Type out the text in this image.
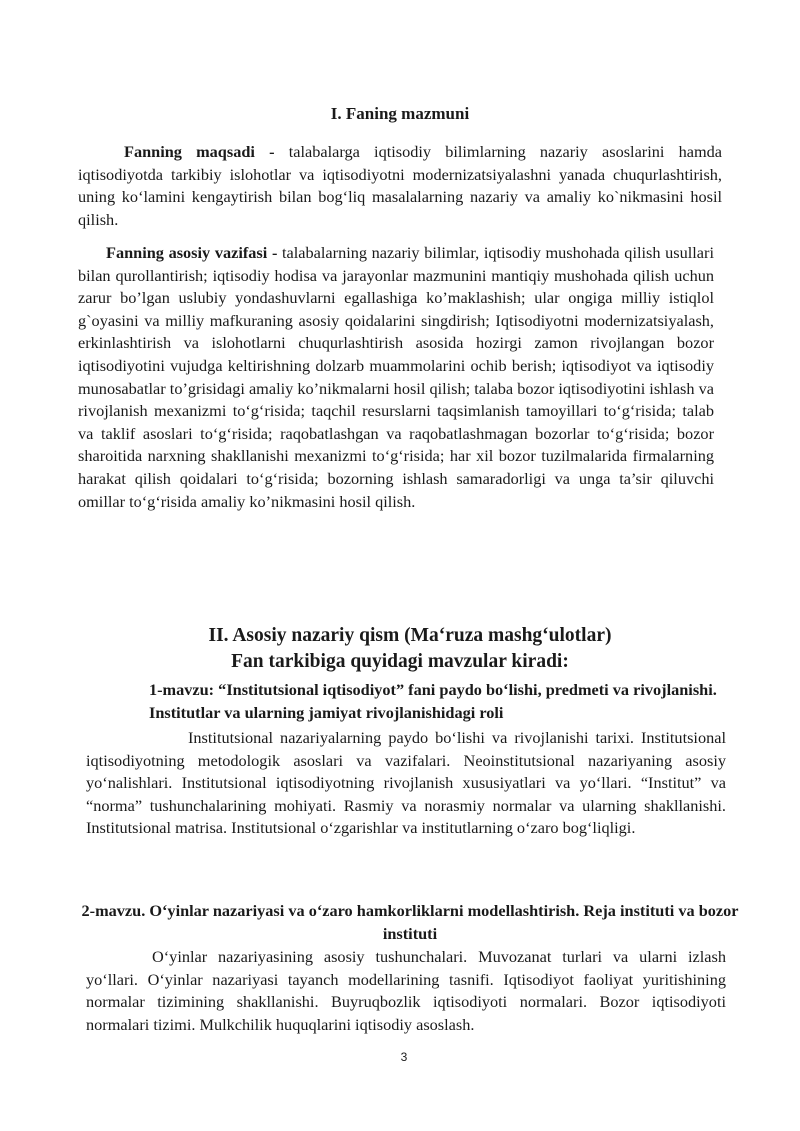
I. Faning mazmuni

Fanning maqsadi - talabalarga iqtisodiy bilimlarning nazariy asoslarini hamda iqtisodiyotda tarkibiy islohotlar va iqtisodiyotni modernizatsiyalashni yanada chuqurlashtirish, uning ko‘lamini kengaytirish bilan bog‘liq masalalarning nazariy va amaliy ko`nikmasini hosil qilish.

Fanning asosiy vazifasi - talabalarning nazariy bilimlar, iqtisodiy mushohada qilish usullari bilan qurollantirish; iqtisodiy hodisa va jarayonlar mazmunini mantiqiy mushohada qilish uchun zarur bo’lgan uslubiy yondashuvlarni egallashiga ko’maklashish; ular ongiga milliy istiqlol g`oyasini va milliy mafkuraning asosiy qoidalarini singdirish; Iqtisodiyotni modernizatsiyalash, erkinlashtirish va islohotlarni chuqurlashtirish asosida hozirgi zamon rivojlangan bozor iqtisodiyotini vujudga keltirishning dolzarb muammolarini ochib berish; iqtisodiyot va iqtisodiy munosabatlar to’grisidagi amaliy ko’nikmalarni hosil qilish; talaba bozor iqtisodiyotini ishlash va rivojlanish mexanizmi to‘g‘risida; taqchil resurslarni taqsimlanish tamoyillari to‘g‘risida; talab va taklif asoslari to‘g‘risida; raqobatlashgan va raqobatlashmagan bozorlar to‘g‘risida; bozor sharoitida narxning shakllanishi mexanizmi to‘g‘risida; har xil bozor tuzilmalarida firmalarning harakat qilish qoidalari to‘g‘risida; bozorning ishlash samaradorligi va unga ta’sir qiluvchi omillar to‘g‘risida amaliy ko’nikmasini hosil qilish.

II. Asosiy nazariy qism (Ma‘ruza mashg‘ulotlar)
Fan tarkibiga quyidagi mavzular kiradi:
1-mavzu: “Institutsional iqtisodiyot” fani paydo bo‘lishi, predmeti va rivojlanishi. Institutlar va ularning jamiyat rivojlanishidagi roli

Institutsional nazariyalarning paydo bo‘lishi va rivojlanishi tarixi. Institutsional iqtisodiyotning metodologik asoslari va vazifalari. Neoinstitutsional nazariyaning asosiy yo‘nalishlari. Institutsional iqtisodiyotning rivojlanish xususiyatlari va yo‘llari. “Institut” va “norma” tushunchalarining mohiyati. Rasmiy va norasmiy normalar va ularning shakllanishi. Institutsional matrisa. Institutsional o‘zgarishlar va institutlarning o‘zaro bog‘liqligi.

2-mavzu. O‘yinlar nazariyasi va o‘zaro hamkorliklarni modellashtirish. Reja instituti va bozor instituti

O‘yinlar nazariyasining asosiy tushunchalari. Muvozanat turlari va ularni izlash yo‘llari. O‘yinlar nazariyasi tayanch modellarining tasnifi. Iqtisodiyot faoliyat yuritishining normalar tizimining shakllanishi. Buyruqbozlik iqtisodiyoti normalari. Bozor iqtisodiyoti normalari tizimi. Mulkchilik huquqlarini iqtisodiy asoslash.

3
